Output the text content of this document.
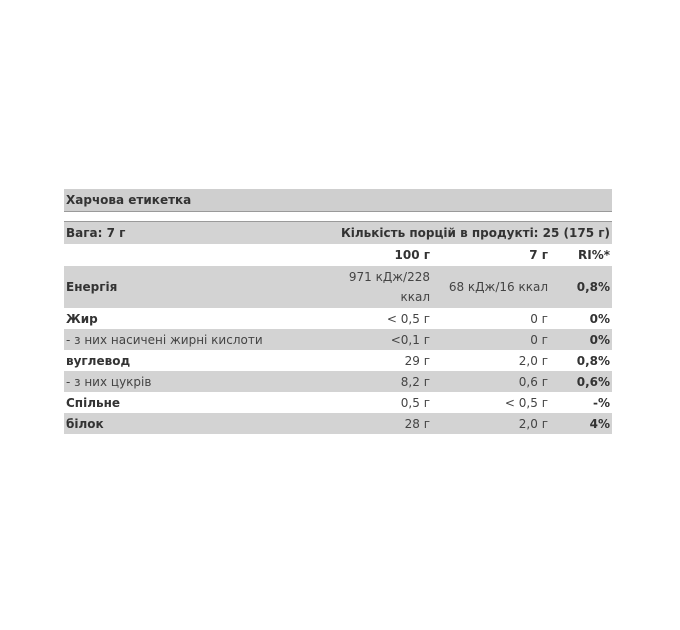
Харчова етикетка
Вага: 7 г	Кількість порцій в продукті: 25 (175 г)		
	100 г	7 г	RI%*
Енергія	971 кДж/228 ккал	68 кДж/16 ккал	0,8%
Жир	< 0,5 г	0 г	0%
- з них насичені жирні кислоти	<0,1 г	0 г	0%
вуглевод	29 г	2,0 г	0,8%
- з них цукрів	8,2 г	0,6 г	0,6%
Спільне	0,5 г	< 0,5 г	-%
білок	28 г	2,0 г	4%
